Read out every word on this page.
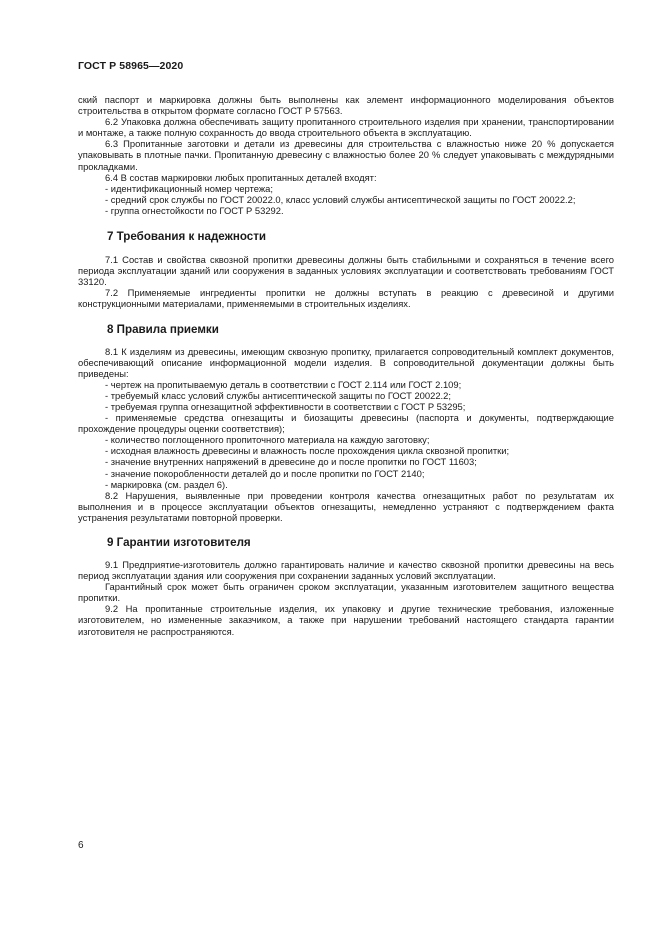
ГОСТ Р 58965—2020

ский паспорт и маркировка должны быть выполнены как элемент информационного моделирования объектов строительства в открытом формате согласно ГОСТ Р 57563.

6.2 Упаковка должна обеспечивать защиту пропитанного строительного изделия при хранении, транспортировании и монтаже, а также полную сохранность до ввода строительного объекта в эксплуатацию.

6.3 Пропитанные заготовки и детали из древесины для строительства с влажностью ниже 20 % допускается упаковывать в плотные пачки. Пропитанную древесину с влажностью более 20 % следует упаковывать с междурядными прокладками.

6.4 В состав маркировки любых пропитанных деталей входят:

- идентификационный номер чертежа;

- средний срок службы по ГОСТ 20022.0, класс условий службы антисептической защиты по ГОСТ 20022.2;

- группа огнестойкости по ГОСТ Р 53292.

7 Требования к надежности

7.1 Состав и свойства сквозной пропитки древесины должны быть стабильными и сохраняться в течение всего периода эксплуатации зданий или сооружения в заданных условиях эксплуатации и соответствовать требованиям ГОСТ 33120.

7.2 Применяемые ингредиенты пропитки не должны вступать в реакцию с древесиной и другими конструкционными материалами, применяемыми в строительных изделиях.

8 Правила приемки

8.1 К изделиям из древесины, имеющим сквозную пропитку, прилагается сопроводительный комплект документов, обеспечивающий описание информационной модели изделия. В сопроводительной документации должны быть приведены:

- чертеж на пропитываемую деталь в соответствии с ГОСТ 2.114 или ГОСТ 2.109;

- требуемый класс условий службы антисептической защиты по ГОСТ 20022.2;

- требуемая группа огнезащитной эффективности в соответствии с ГОСТ Р 53295;

- применяемые средства огнезащиты и биозащиты древесины (паспорта и документы, подтверждающие прохождение процедуры оценки соответствия);

- количество поглощенного пропиточного материала на каждую заготовку;

- исходная влажность древесины и влажность после прохождения цикла сквозной пропитки;

- значение внутренних напряжений в древесине до и после пропитки по ГОСТ 11603;

- значение покоробленности деталей до и после пропитки по ГОСТ 2140;

- маркировка (см. раздел 6).

8.2 Нарушения, выявленные при проведении контроля качества огнезащитных работ по результатам их выполнения и в процессе эксплуатации объектов огнезащиты, немедленно устраняют с подтверждением факта устранения результатами повторной проверки.

9 Гарантии изготовителя

9.1 Предприятие-изготовитель должно гарантировать наличие и качество сквозной пропитки древесины на весь период эксплуатации здания или сооружения при сохранении заданных условий эксплуатации.

Гарантийный срок может быть ограничен сроком эксплуатации, указанным изготовителем защитного вещества пропитки.

9.2 На пропитанные строительные изделия, их упаковку и другие технические требования, изложенные изготовителем, но измененные заказчиком, а также при нарушении требований настоящего стандарта гарантии изготовителя не распространяются.

6
